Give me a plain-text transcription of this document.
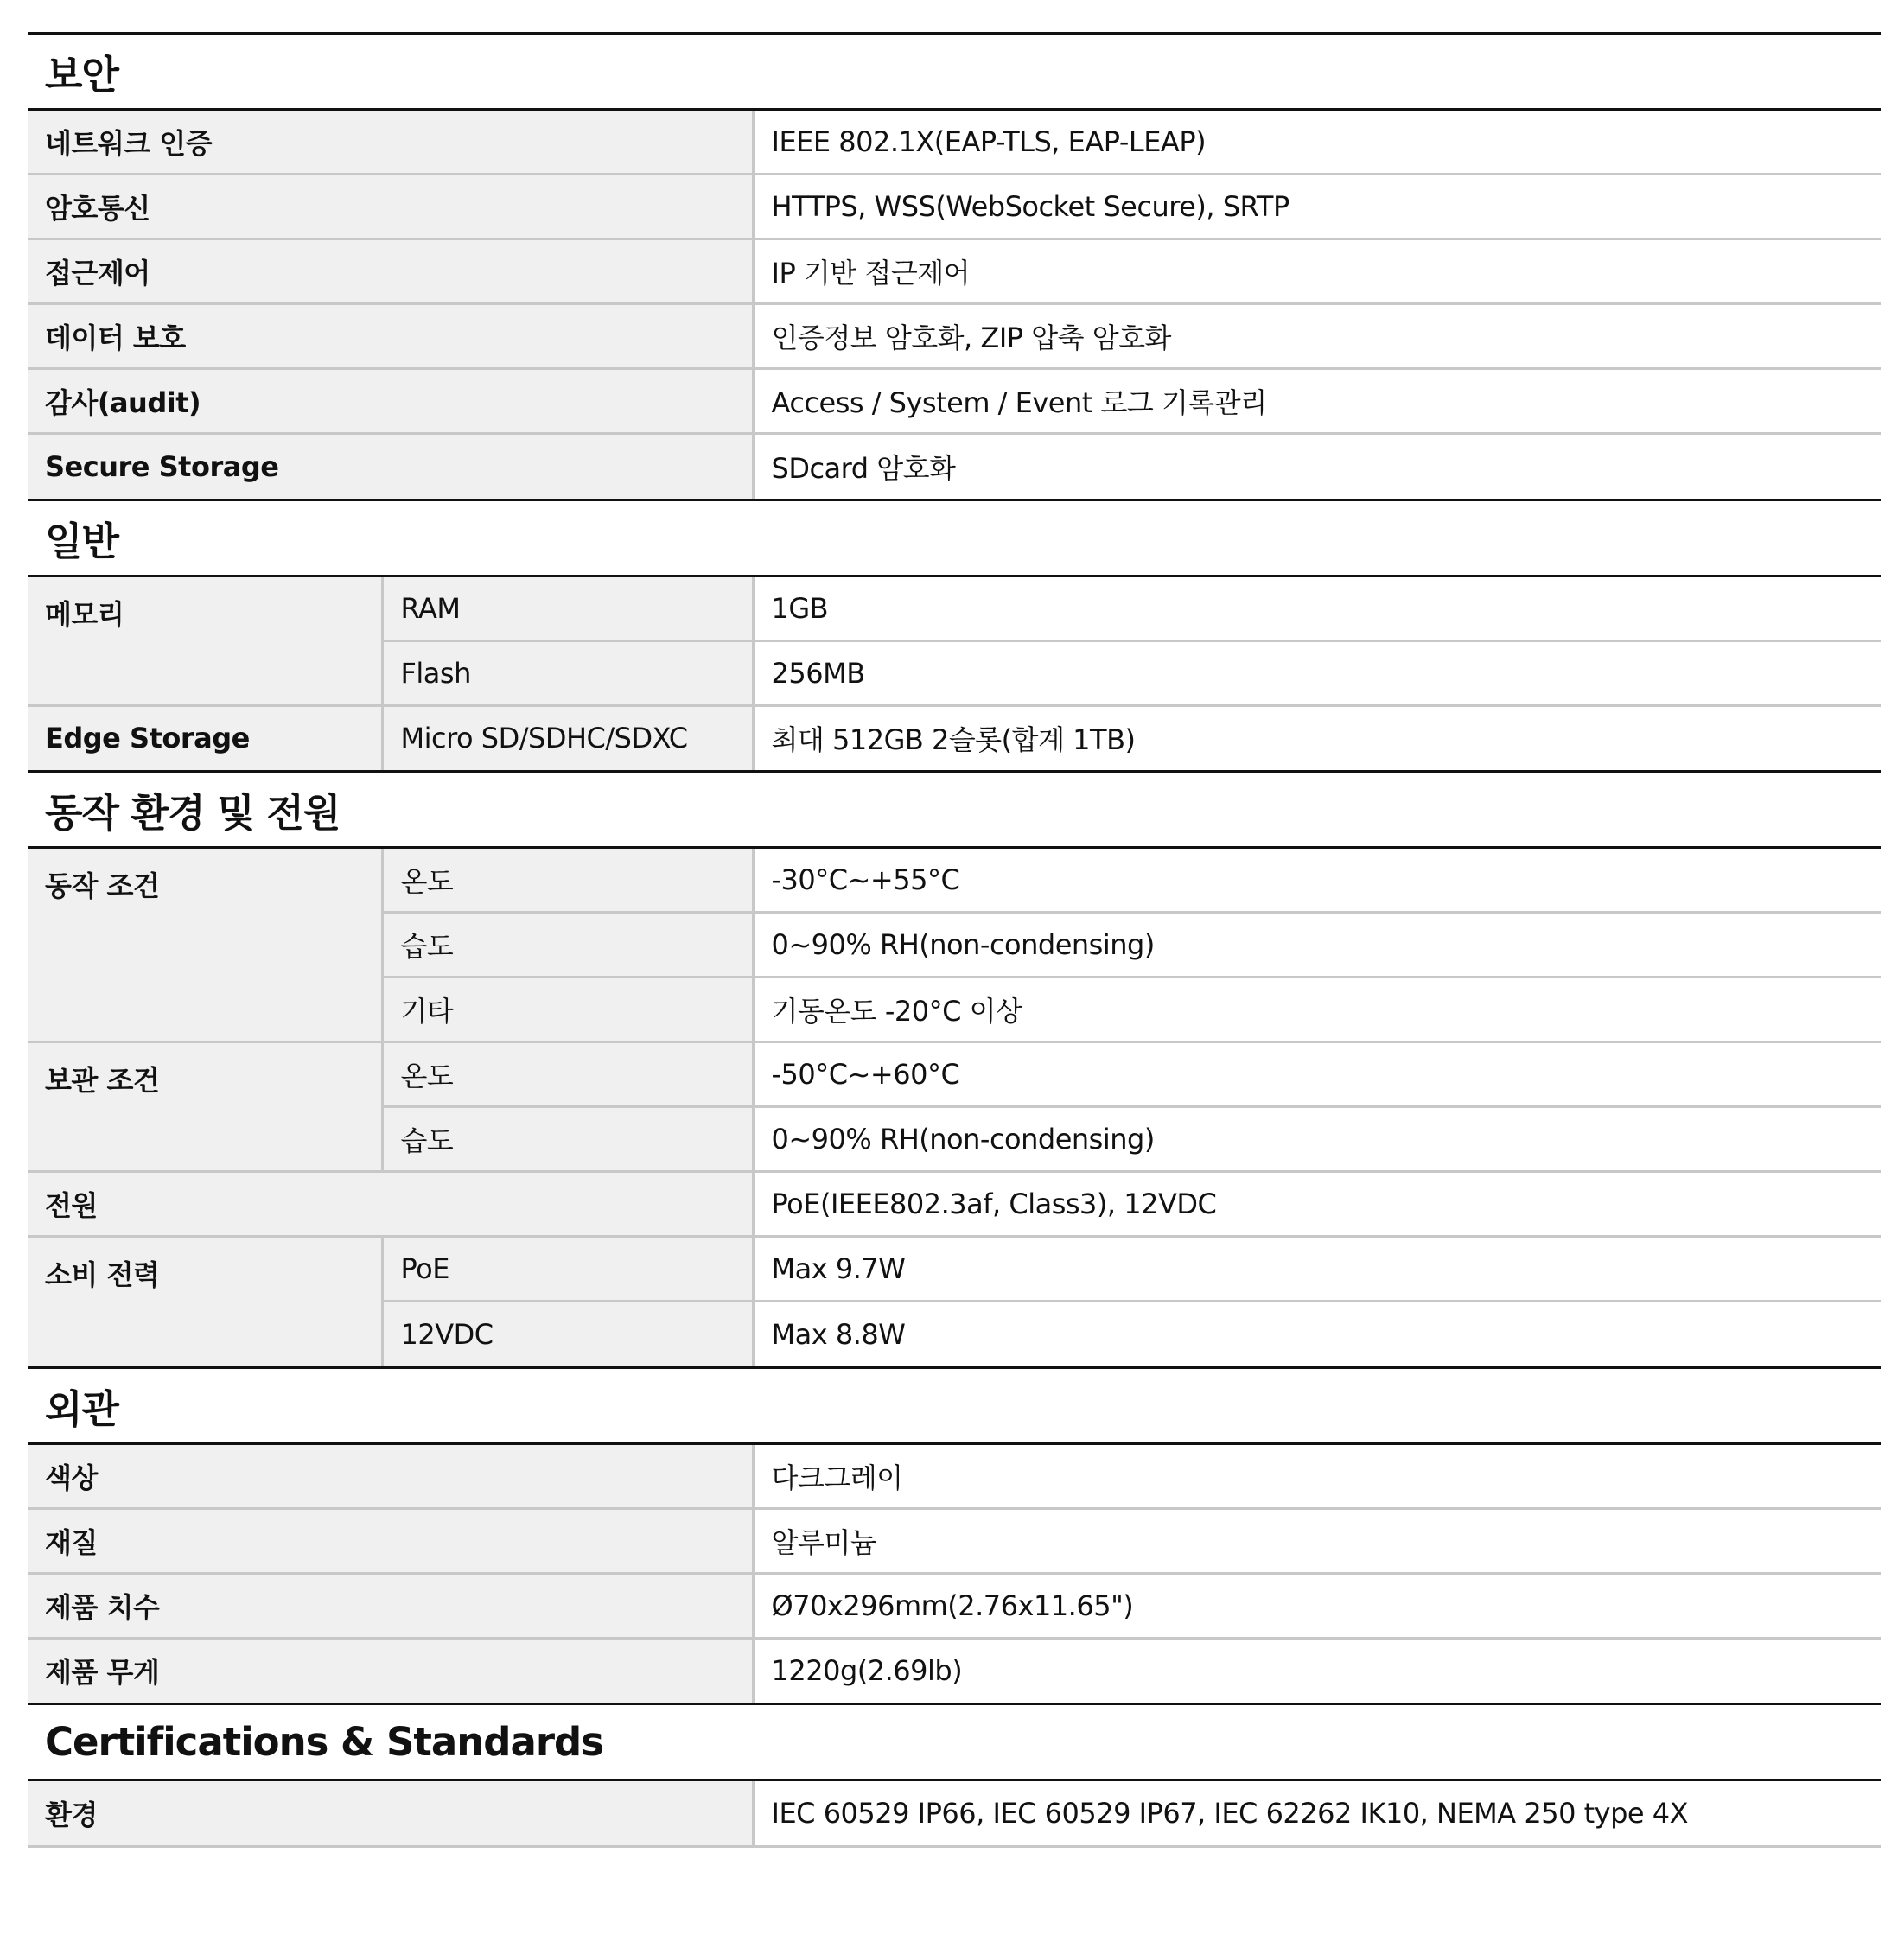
보안
네트워크 인증	IEEE 802.1X(EAP-TLS, EAP-LEAP)
암호통신	HTTPS, WSS(WebSocket Secure), SRTP
접근제어	IP 기반 접근제어
데이터 보호	인증정보 암호화, ZIP 압축 암호화
감사(audit)	Access / System / Event 로그 기록관리
Secure Storage	SDcard 암호화
일반
메모리	RAM	1GB
	Flash	256MB
Edge Storage	Micro SD/SDHC/SDXC	최대 512GB 2슬롯(합계 1TB)
동작 환경 및 전원
동작 조건	온도	-30°C~+55°C
	습도	0~90% RH(non-condensing)
	기타	기동온도 -20°C 이상
보관 조건	온도	-50°C~+60°C
	습도	0~90% RH(non-condensing)
전원		PoE(IEEE802.3af, Class3), 12VDC
소비 전력	PoE	Max 9.7W
	12VDC	Max 8.8W
외관
색상	다크그레이
재질	알루미늄
제품 치수	Ø70x296mm(2.76x11.65")
제품 무게	1220g(2.69lb)
Certifications & Standards
환경	IEC 60529 IP66, IEC 60529 IP67, IEC 62262 IK10, NEMA 250 type 4X
